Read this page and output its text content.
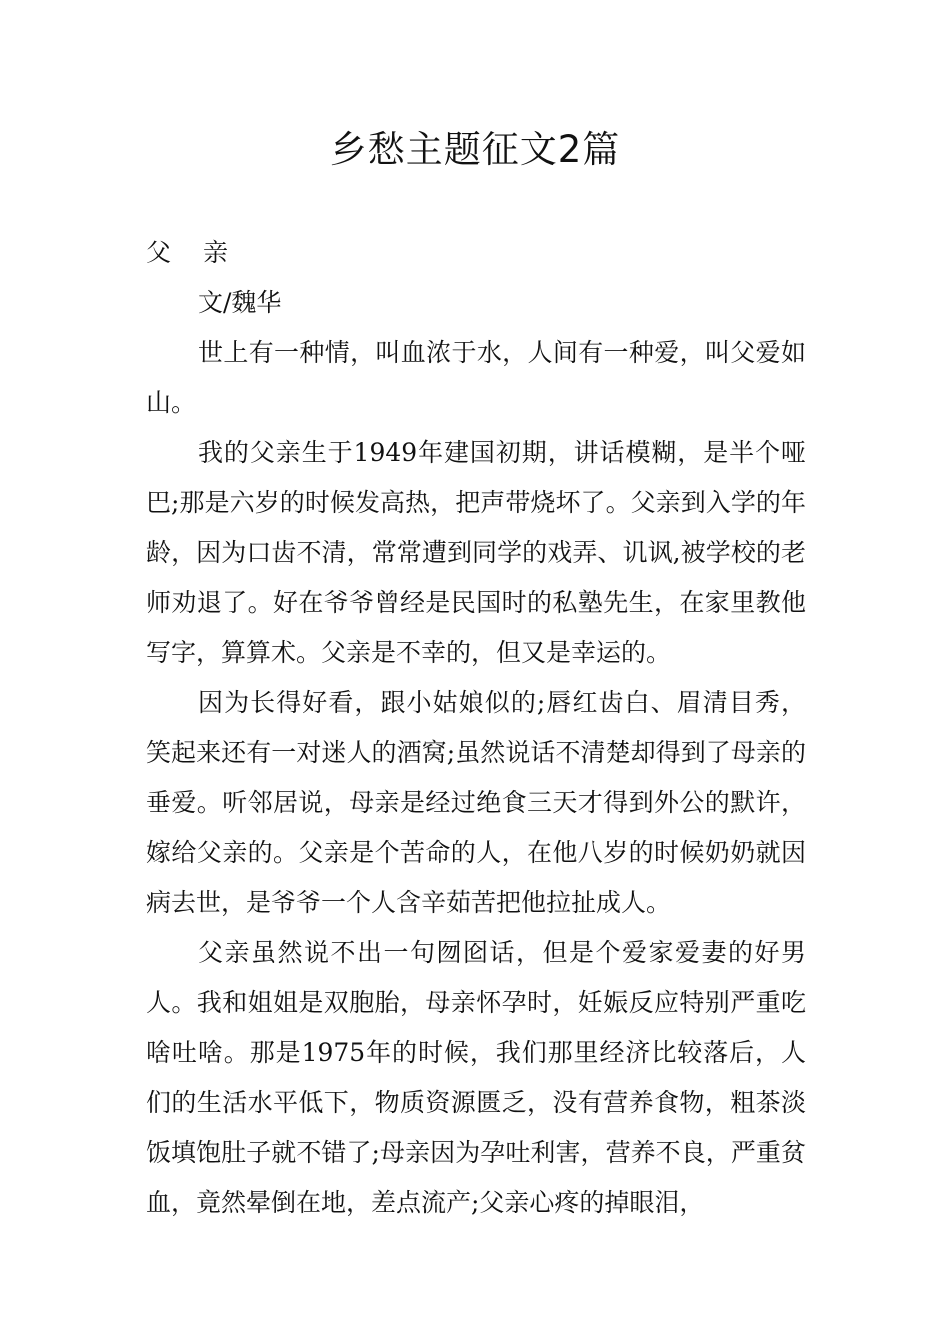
乡愁主题征文2篇

父 亲

文/魏华

世上有一种情，叫血浓于水，人间有一种爱，叫父爱如山。

我的父亲生于1949年建国初期，讲话模糊，是半个哑巴;那是六岁的时候发高热，把声带烧坏了。父亲到入学的年龄，因为口齿不清，常常遭到同学的戏弄、讥讽,被学校的老师劝退了。好在爷爷曾经是民国时的私塾先生，在家里教他写字，算算术。父亲是不幸的，但又是幸运的。

因为长得好看，跟小姑娘似的;唇红齿白、眉清目秀，笑起来还有一对迷人的酒窝;虽然说话不清楚却得到了母亲的垂爱。听邻居说，母亲是经过绝食三天才得到外公的默许，嫁给父亲的。父亲是个苦命的人，在他八岁的时候奶奶就因病去世，是爷爷一个人含辛茹苦把他拉扯成人。

父亲虽然说不出一句囫囵话，但是个爱家爱妻的好男人。我和姐姐是双胞胎，母亲怀孕时，妊娠反应特别严重吃啥吐啥。那是1975年的时候，我们那里经济比较落后，人们的生活水平低下，物质资源匮乏，没有营养食物，粗茶淡饭填饱肚子就不错了;母亲因为孕吐利害，营养不良，严重贫血，竟然晕倒在地，差点流产;父亲心疼的掉眼泪，
